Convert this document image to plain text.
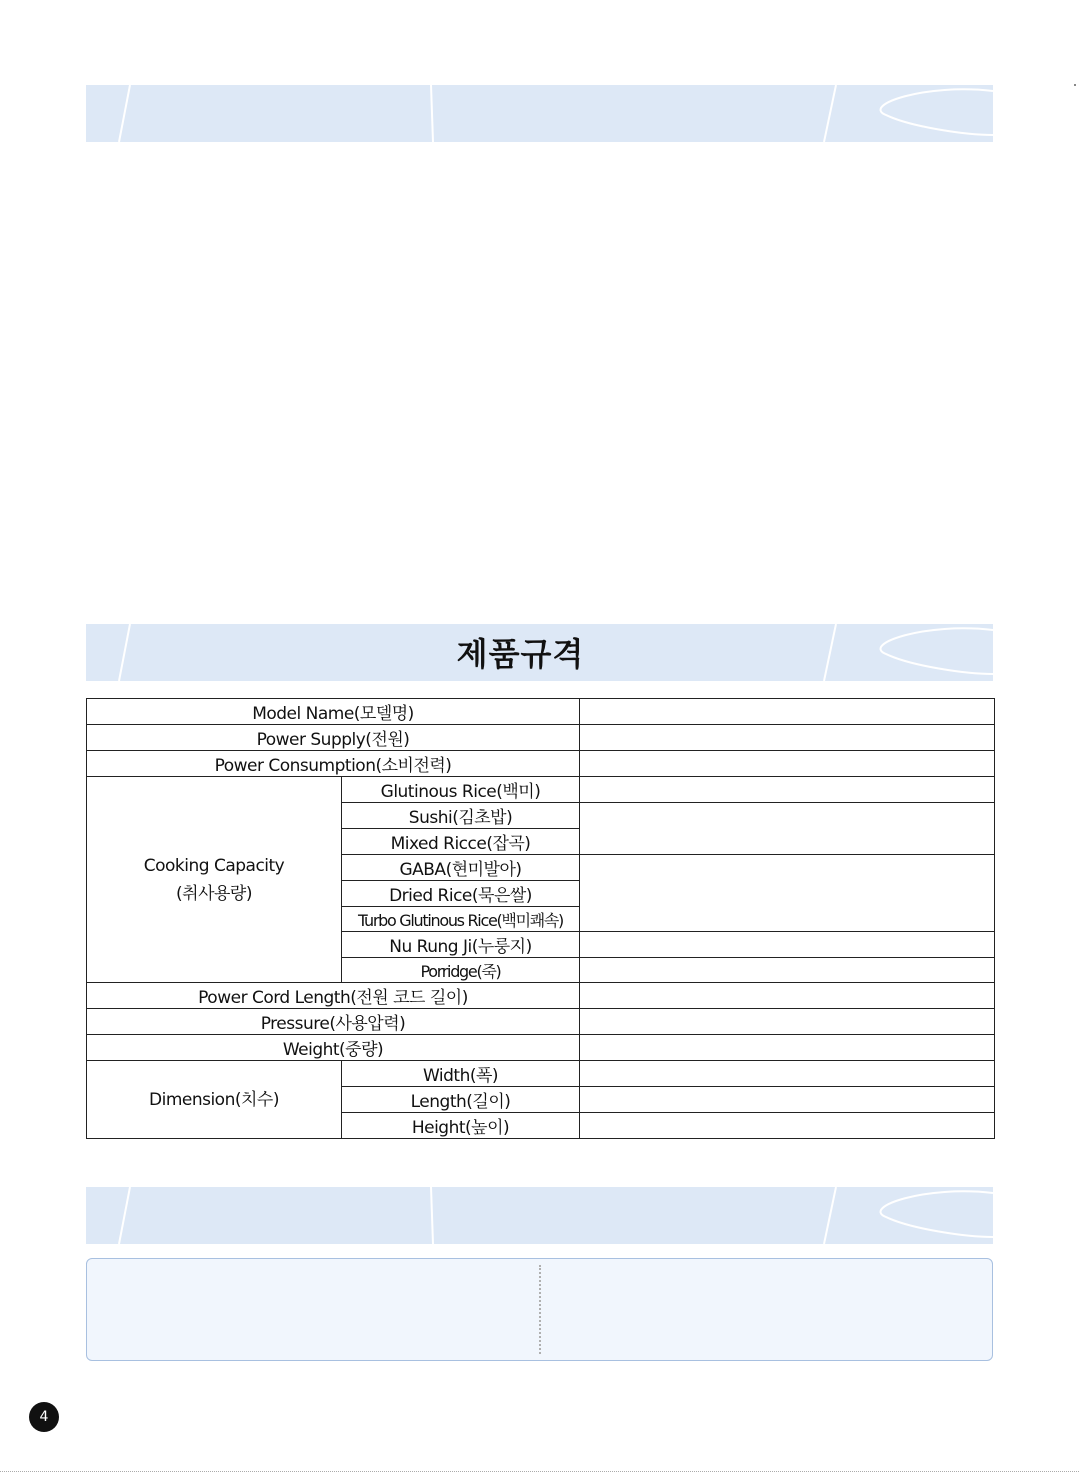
제품규격
Model Name(모델명)		
Power Supply(전원)		
Power Consumption(소비전력)		
Cooking Capacity
(취사용량)	Glutinous Rice(백미)	
	Sushi(김초밥)	
	Mixed Ricce(잡곡)	
	GABA(현미발아)	
	Dried Rice(묵은쌀)	
	Turbo Glutinous Rice(백미쾌속)	
	Nu Rung Ji(누룽지)	
	Porridge(죽)	
Power Cord Length(전원 코드 길이)		
Pressure(사용압력)		
Weight(중량)		
Dimension(치수)	Width(폭)	
	Length(길이)	
	Height(높이)	
4
